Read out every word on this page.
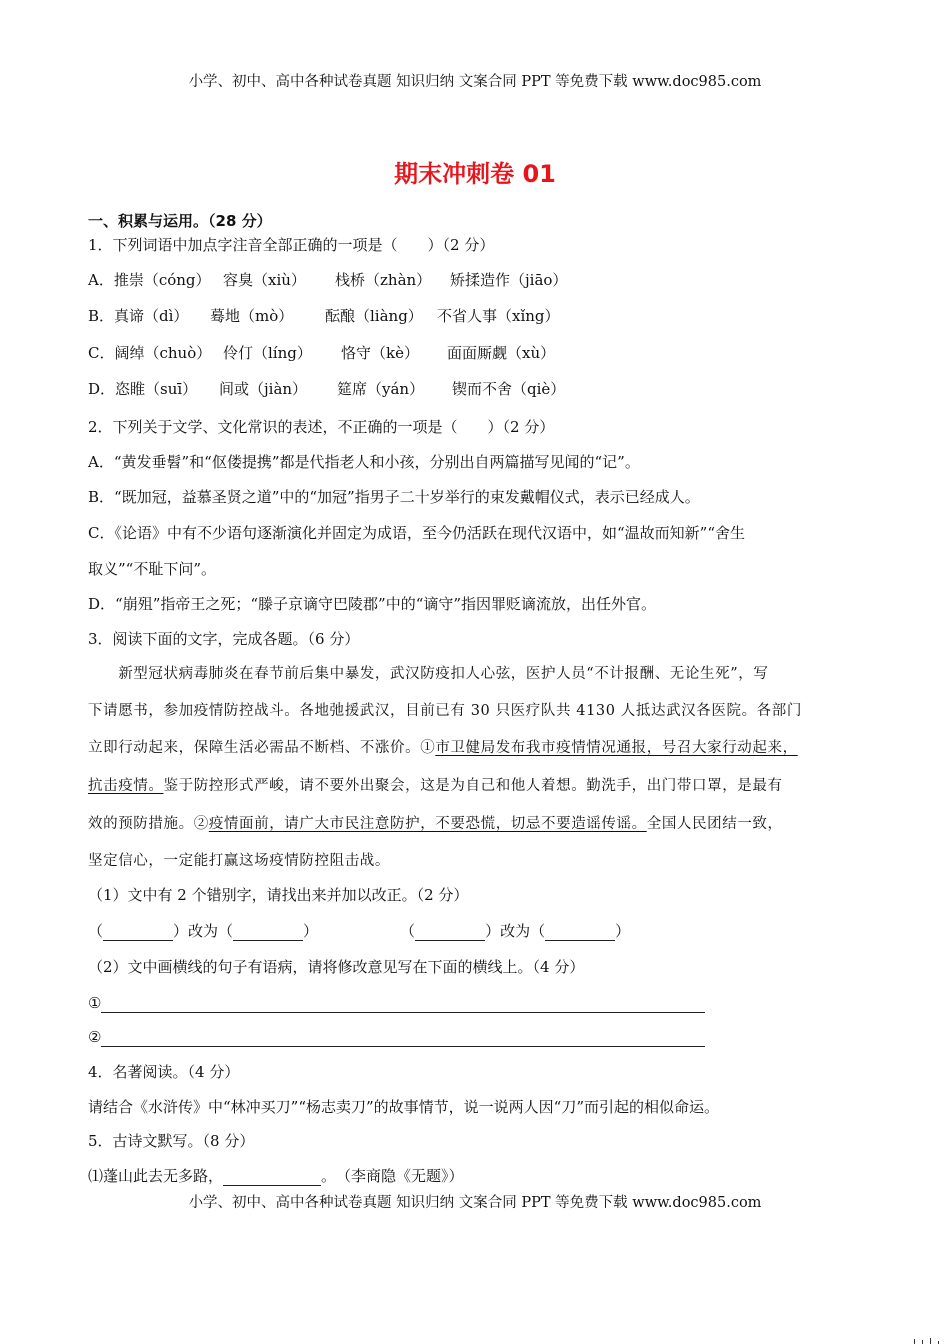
小学、初中、高中各种试卷真题 知识归纳 文案合同 PPT 等免费下载 www.doc985.com
期末冲刺卷 01
一、积累与运用。（28 分）
1．下列词语中加点字注音全部正确的一项是（　　）（2 分）
A．推崇（cóng） 容臭（xiù） 栈桥（zhàn） 矫揉造作（jiāo）
B．真谛（dì） 蓦地（mò） 酝酿（liàng） 不省人事（xǐng）
C．阔绰（chuò） 伶仃（líng） 恪守（kè） 面面厮觑（xù）
D．恣睢（suī） 间或（jiàn） 筵席（yán） 锲而不舍（qiè）
2．下列关于文学、文化常识的表述，不正确的一项是（　　）（2 分）
A．“黄发垂髫”和“伛偻提携”都是代指老人和小孩，分别出自两篇描写见闻的“记”。
B．“既加冠，益慕圣贤之道”中的“加冠”指男子二十岁举行的束发戴帽仪式，表示已经成人。
C．《论语》中有不少语句逐渐演化并固定为成语，至今仍活跃在现代汉语中，如“温故而知新”“舍生
取义”“不耻下问”。
D．“崩殂”指帝王之死；“滕子京谪守巴陵郡”中的“谪守”指因罪贬谪流放，出任外官。
3．阅读下面的文字，完成各题。（6 分）
　　新型冠状病毒肺炎在春节前后集中暴发，武汉防疫扣人心弦，医护人员“不计报酬、无论生死”，写
下请愿书，参加疫情防控战斗。各地弛援武汉，目前已有 30 只医疗队共 4130 人抵达武汉各医院。各部门
立即行动起来，保障生活必需品不断档、不涨价。①市卫健局发布我市疫情情况通报，号召大家行动起来，
抗击疫情。鉴于防控形式严峻，请不要外出聚会，这是为自己和他人着想。勤洗手，出门带口罩，是最有
效的预防措施。②疫情面前，请广大市民注意防护，不要恐慌，切忌不要造谣传谣。全国人民团结一致，
坚定信心，一定能打赢这场疫情防控阻击战。
（1）文中有 2 个错别字，请找出来并加以改正。（2 分）
（	）改为（	）	（	）改为（	）
（2）文中画横线的句子有语病，请将修改意见写在下面的横线上。（4 分）
①
②
4．名著阅读。（4 分）
请结合《水浒传》中“林冲买刀”“杨志卖刀”的故事情节，说一说两人因“刀”而引起的相似命运。
5．古诗文默写。（8 分）
⑴蓬山此去无多路，	。　（李商隐《无题》）
小学、初中、高中各种试卷真题 知识归纳 文案合同 PPT 等免费下载 www.doc985.com
